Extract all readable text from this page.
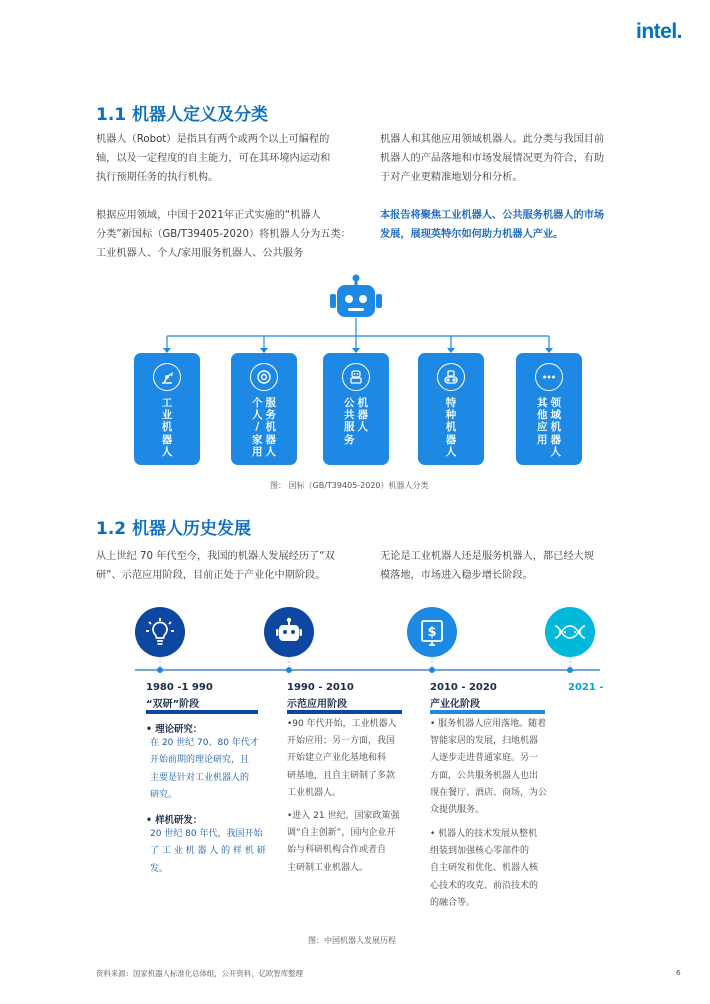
intel.
1.1 机器人定义及分类
机器人（Robot）是指具有两个或两个以上可编程的
轴，以及一定程度的自主能力，可在其环境内运动和
执行预期任务的执行机构。
根据应用领域，中国于2021年正式实施的“机器人
分类”新国标（GB/T39405-2020）将机器人分为五类：
工业机器人、个人/家用服务机器人、公共服务
机器人和其他应用领域机器人。此分类与我国目前
机器人的产品落地和市场发展情况更为符合，有助
于对产业更精准地划分和分析。
本报告将聚焦工业机器人、公共服务机器人的市场
发展，展现英特尔如何助力机器人产业。
工
业
机
器
人
个
人
/
家
用
服
务
机
器
人
公
共
服
务
机
器
人
特
种
机
器
人
其
他
应
用
领
域
机
器
人
图： 国标（GB/T39405-2020）机器人分类
1.2 机器人历史发展
从上世纪 70 年代至今，我国的机器人发展经历了“双
研”、示范应用阶段，目前正处于产业化中期阶段。
无论是工业机器人还是服务机器人，都已经大规
模落地，市场进入稳步增长阶段。
$
1980 -1 990
“双研”阶段
1990 - 2010
示范应用阶段
2010 - 2020
产业化阶段
2021 -
• 理论研究：
在 20 世纪 70、80 年代才
开始前期的理论研究，且
主要是针对工业机器人的
研究。
• 样机研发：
20 世纪 80 年代，我国开始
了 工 业 机 器 人 的 样 机 研
发。
•90 年代开始，工业机器人
开始应用；另一方面，我国
开始建立产业化基地和科
研基地，且自主研制了多款
工业机器人。
•进入 21 世纪，国家政策强
调“自主创新”，国内企业开
始与科研机构合作或者自
主研制工业机器人。
• 服务机器人应用落地。随着
智能家居的发展，扫地机器
人逐步走进普通家庭。另一
方面，公共服务机器人也出
现在餐厅、酒店、商场，为公
众提供服务。
• 机器人的技术发展从整机
组装到加强核心零部件的
自主研发和优化、机器人核
心技术的攻克、前沿技术的
的融合等。
图：中国机器人发展历程
资料来源：国家机器人标准化总体组，公开资料，亿欧智库整理	6
